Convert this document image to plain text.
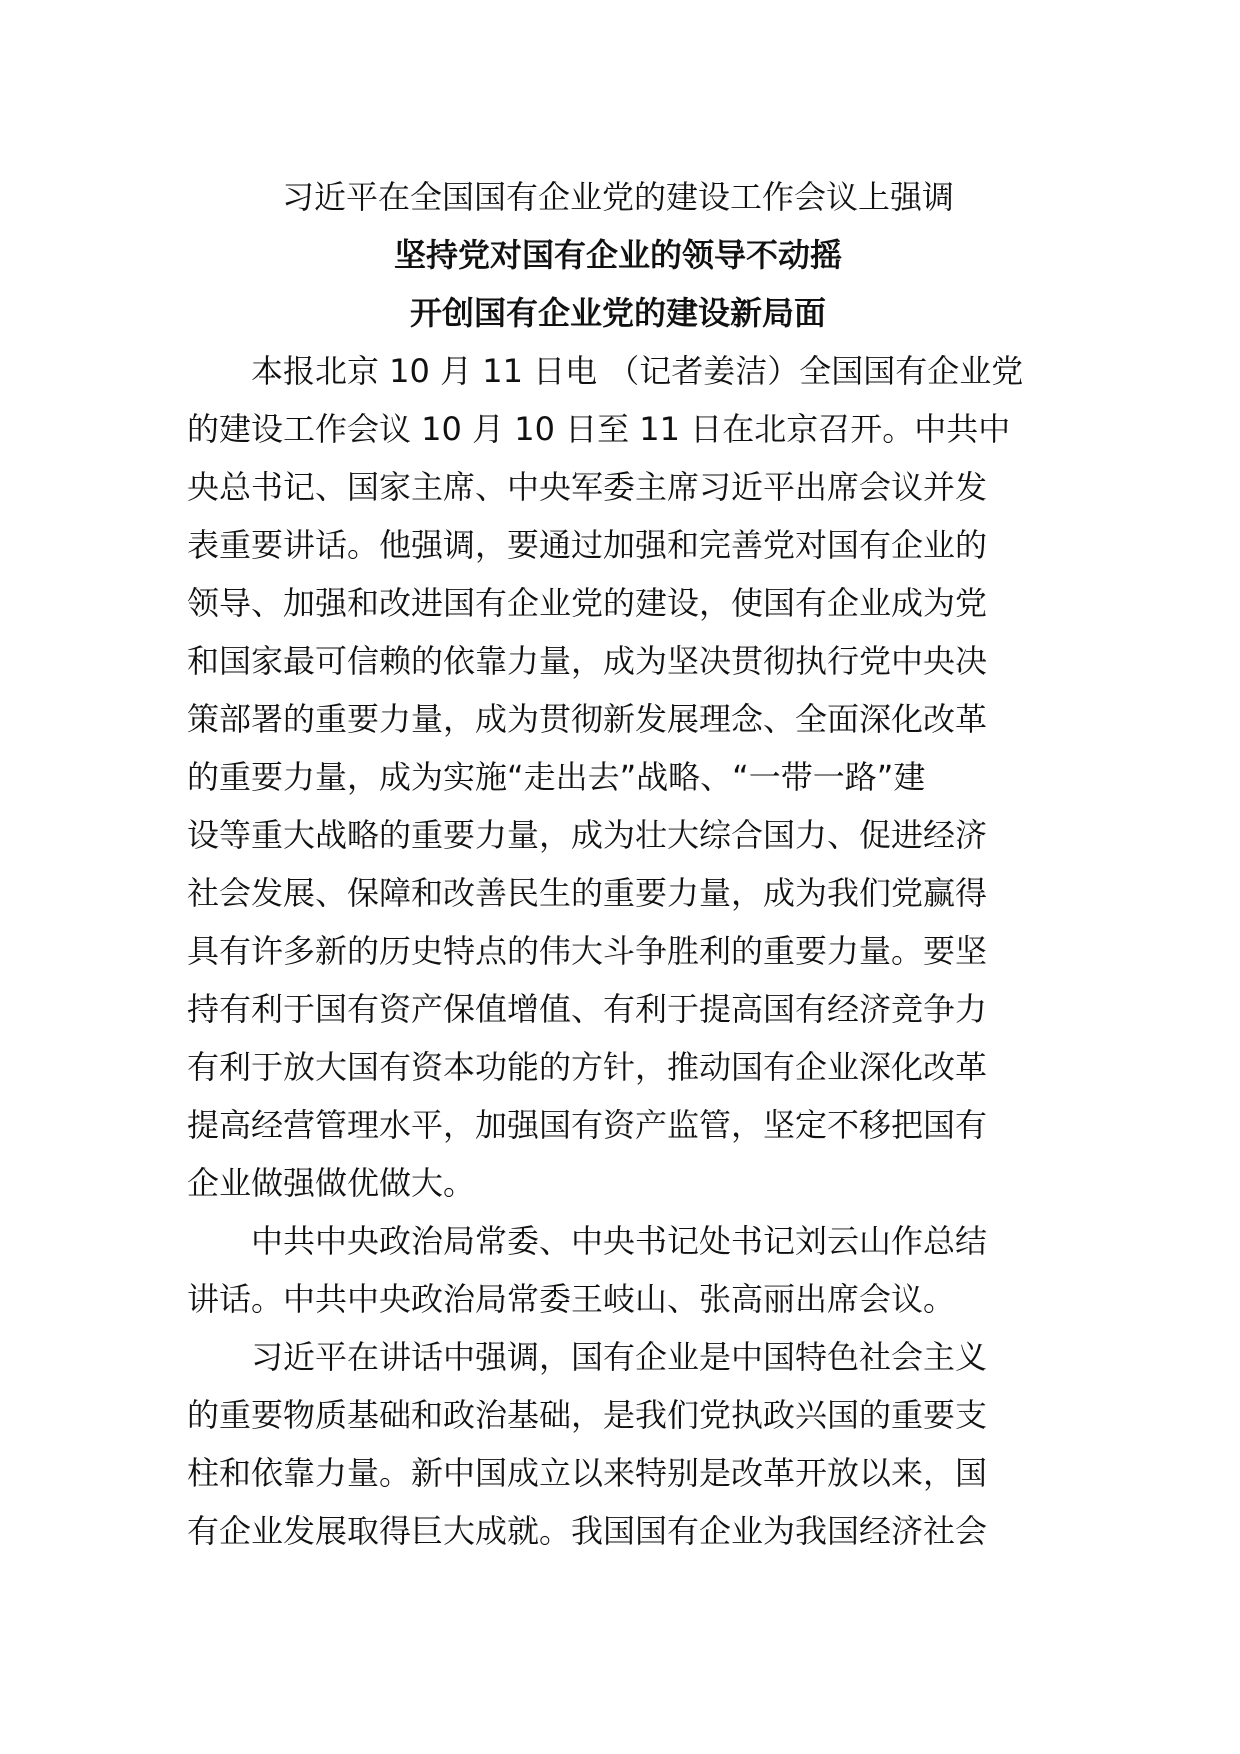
习近平在全国国有企业党的建设工作会议上强调
坚持党对国有企业的领导不动摇
开创国有企业党的建设新局面
本报北京 10 月 11 日电 （记者姜洁）全国国有企业党
的建设工作会议 10 月 10 日至 11 日在北京召开。中共中
央总书记、国家主席、中央军委主席习近平出席会议并发
表重要讲话。他强调，要通过加强和完善党对国有企业的
领导、加强和改进国有企业党的建设，使国有企业成为党
和国家最可信赖的依靠力量，成为坚决贯彻执行党中央决
策部署的重要力量，成为贯彻新发展理念、全面深化改革
的重要力量，成为实施“走出去”战略、“一带一路”建
设等重大战略的重要力量，成为壮大综合国力、促进经济
社会发展、保障和改善民生的重要力量，成为我们党赢得
具有许多新的历史特点的伟大斗争胜利的重要力量。要坚
持有利于国有资产保值增值、有利于提高国有经济竞争力
有利于放大国有资本功能的方针，推动国有企业深化改革
提高经营管理水平，加强国有资产监管，坚定不移把国有
企业做强做优做大。
中共中央政治局常委、中央书记处书记刘云山作总结
讲话。中共中央政治局常委王岐山、张高丽出席会议。
习近平在讲话中强调，国有企业是中国特色社会主义
的重要物质基础和政治基础，是我们党执政兴国的重要支
柱和依靠力量。新中国成立以来特别是改革开放以来，国
有企业发展取得巨大成就。我国国有企业为我国经济社会
